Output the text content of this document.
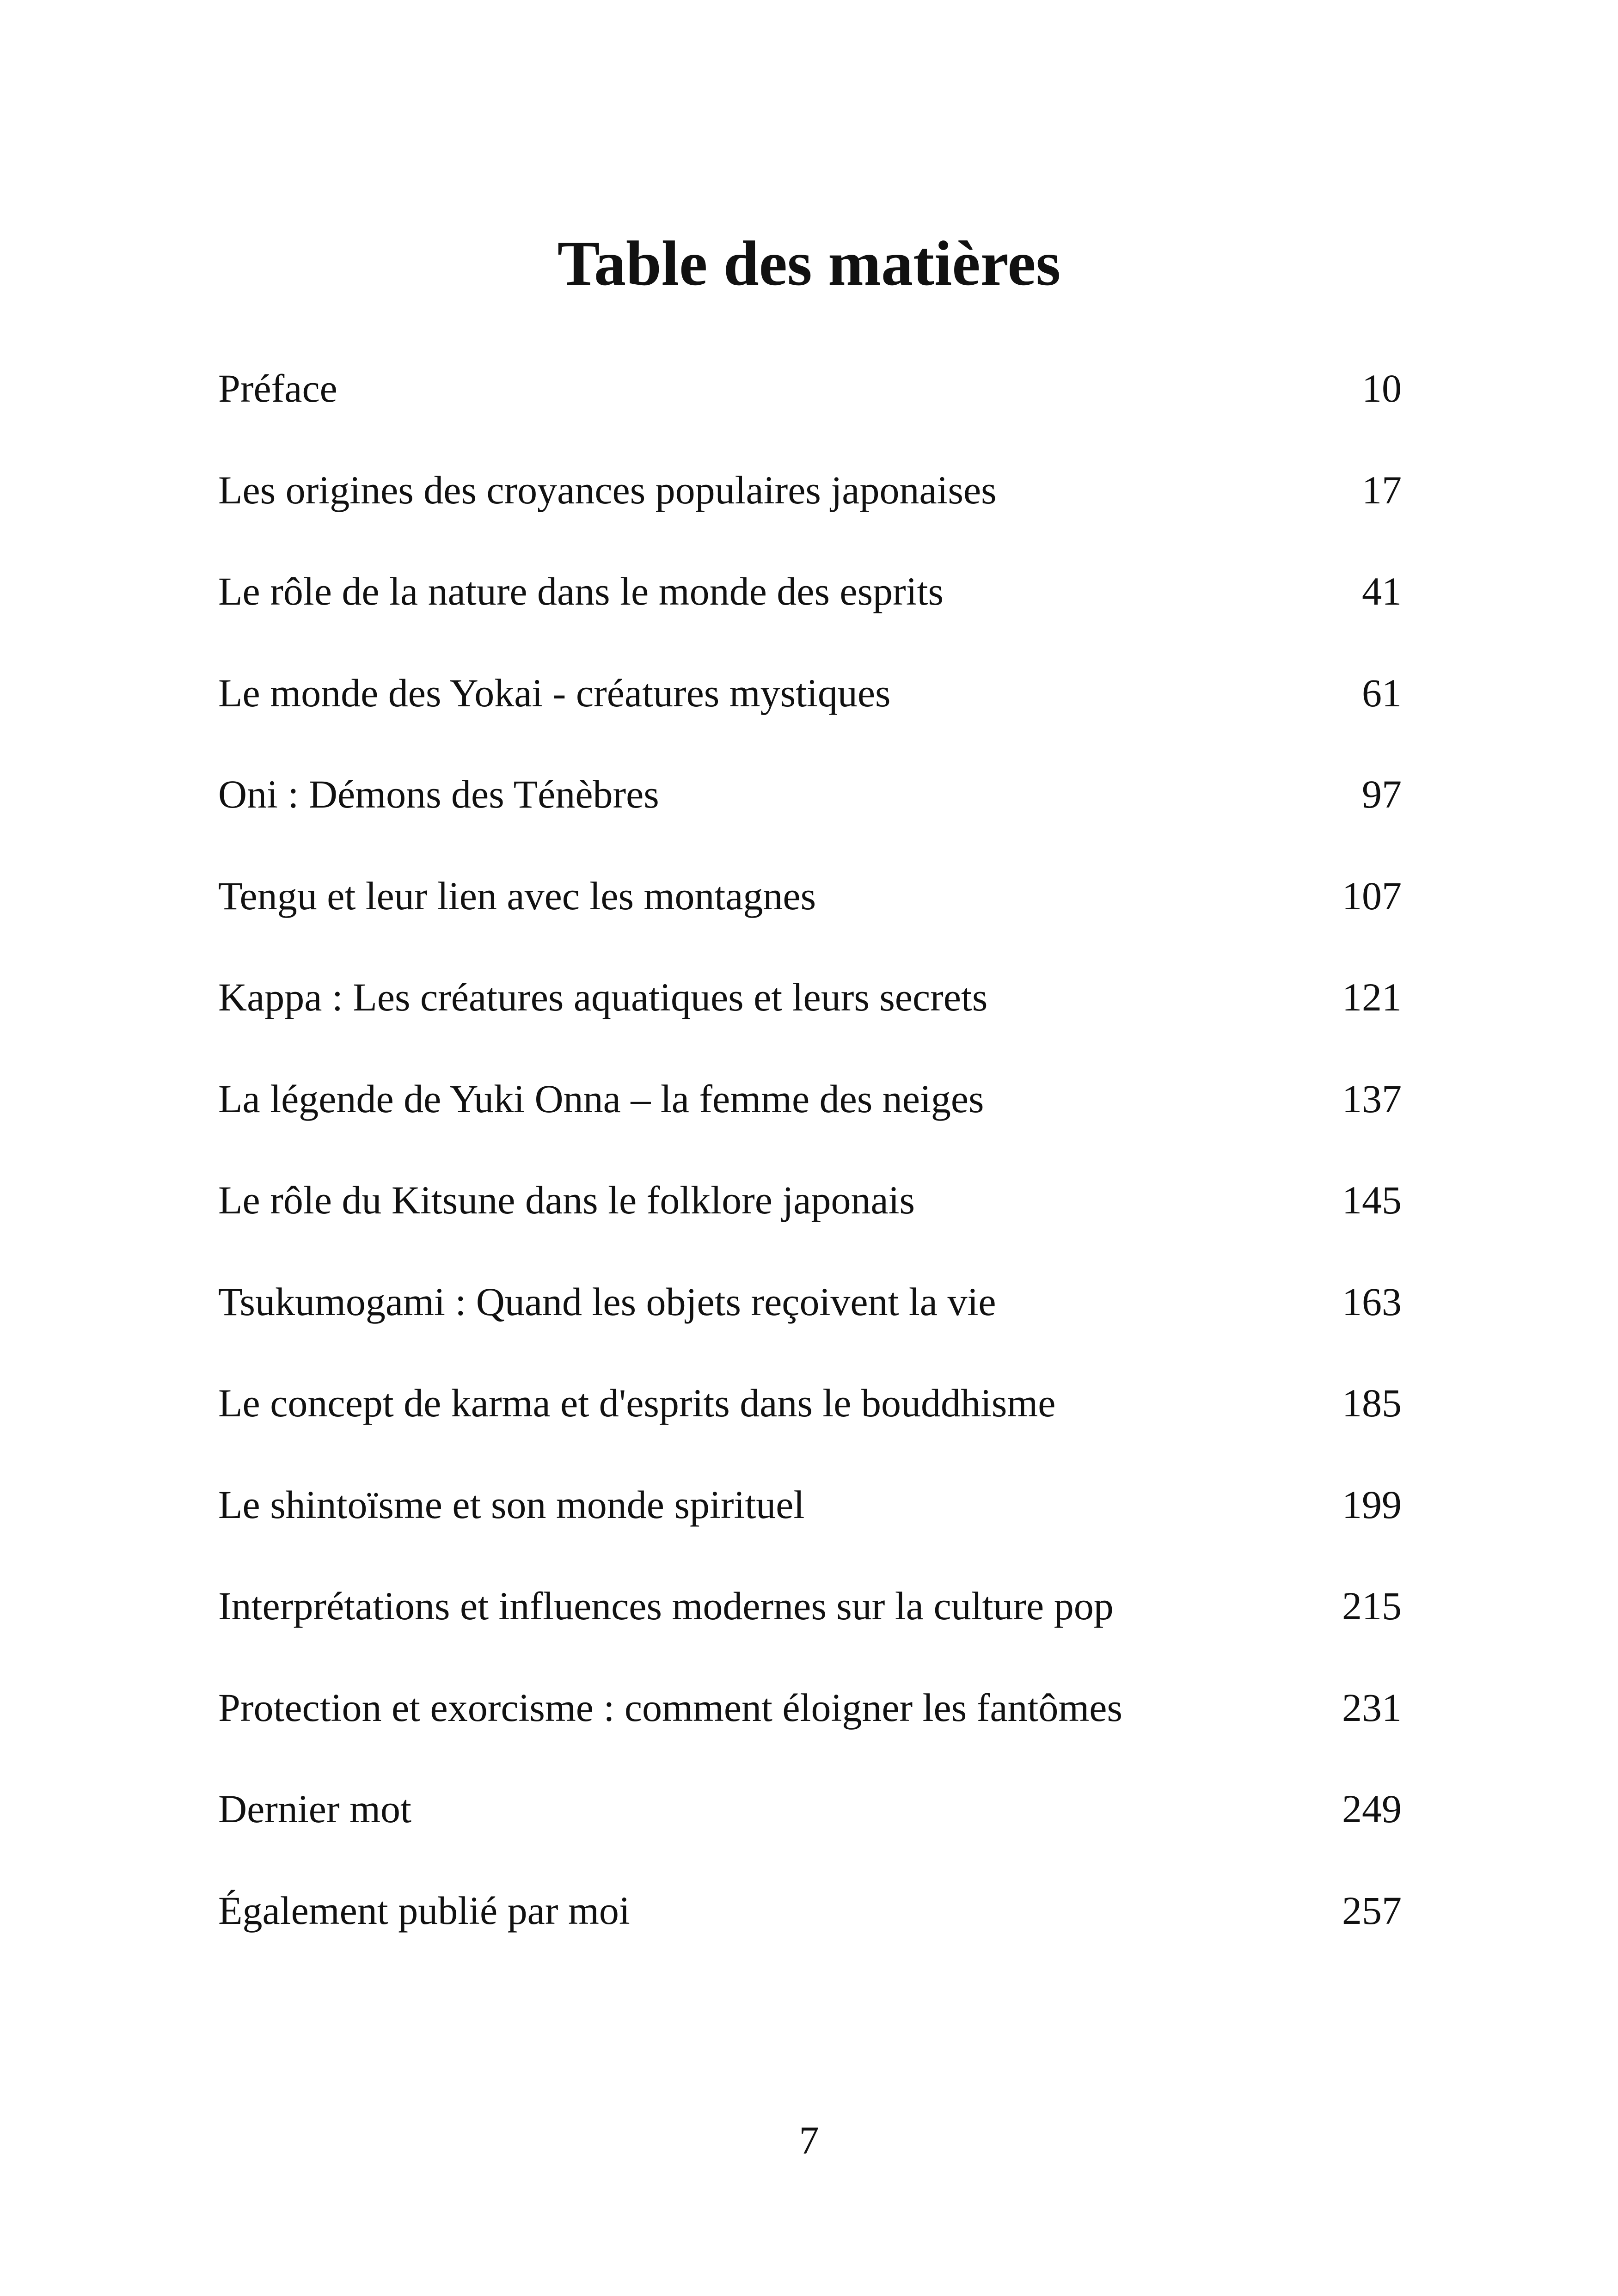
Table des matières
Préface	10
Les origines des croyances populaires japonaises	17
Le rôle de la nature dans le monde des esprits	41
Le monde des Yokai - créatures mystiques	61
Oni : Démons des Ténèbres	97
Tengu et leur lien avec les montagnes	107
Kappa : Les créatures aquatiques et leurs secrets	121
La légende de Yuki Onna – la femme des neiges	137
Le rôle du Kitsune dans le folklore japonais	145
Tsukumogami : Quand les objets reçoivent la vie	163
Le concept de karma et d'esprits dans le bouddhisme	185
Le shintoïsme et son monde spirituel	199
Interprétations et influences modernes sur la culture pop	215
Protection et exorcisme : comment éloigner les fantômes	231
Dernier mot	249
Également publié par moi	257
7
